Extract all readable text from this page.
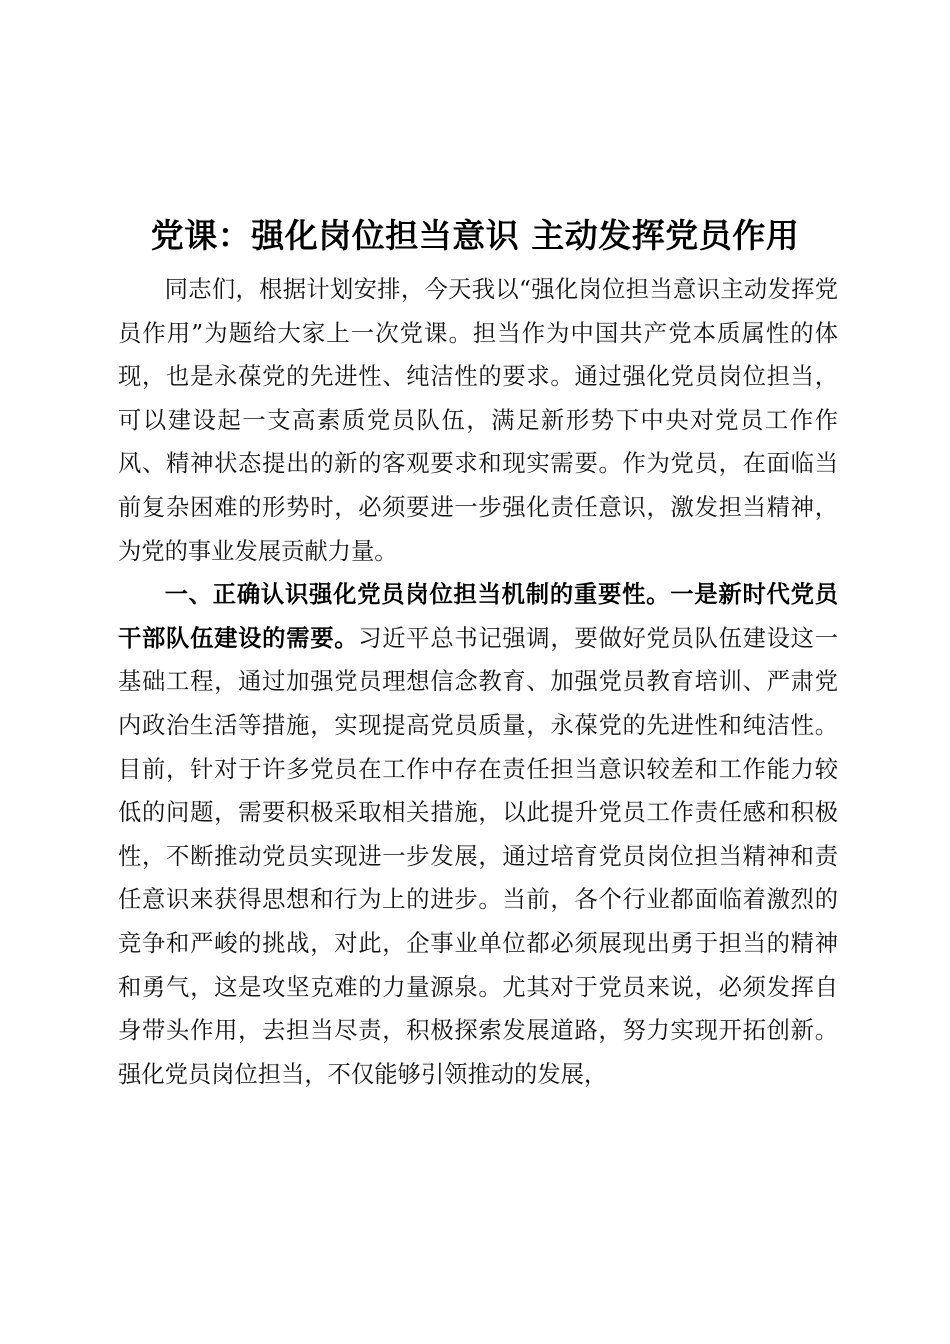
党课：强化岗位担当意识 主动发挥党员作用

同志们，根据计划安排，今天我以“强化岗位担当意识主动发挥党员作用”为题给大家上一次党课。担当作为中国共产党本质属性的体现，也是永葆党的先进性、纯洁性的要求。通过强化党员岗位担当，可以建设起一支高素质党员队伍，满足新形势下中央对党员工作作风、精神状态提出的新的客观要求和现实需要。作为党员，在面临当前复杂困难的形势时，必须要进一步强化责任意识，激发担当精神，为党的事业发展贡献力量。

一、正确认识强化党员岗位担当机制的重要性。一是新时代党员干部队伍建设的需要。习近平总书记强调，要做好党员队伍建设这一基础工程，通过加强党员理想信念教育、加强党员教育培训、严肃党内政治生活等措施，实现提高党员质量，永葆党的先进性和纯洁性。目前，针对于许多党员在工作中存在责任担当意识较差和工作能力较低的问题，需要积极采取相关措施，以此提升党员工作责任感和积极性，不断推动党员实现进一步发展，通过培育党员岗位担当精神和责任意识来获得思想和行为上的进步。当前，各个行业都面临着激烈的竞争和严峻的挑战，对此，企事业单位都必须展现出勇于担当的精神和勇气，这是攻坚克难的力量源泉。尤其对于党员来说，必须发挥自身带头作用，去担当尽责，积极探索发展道路，努力实现开拓创新。强化党员岗位担当，不仅能够引领推动的发展，
